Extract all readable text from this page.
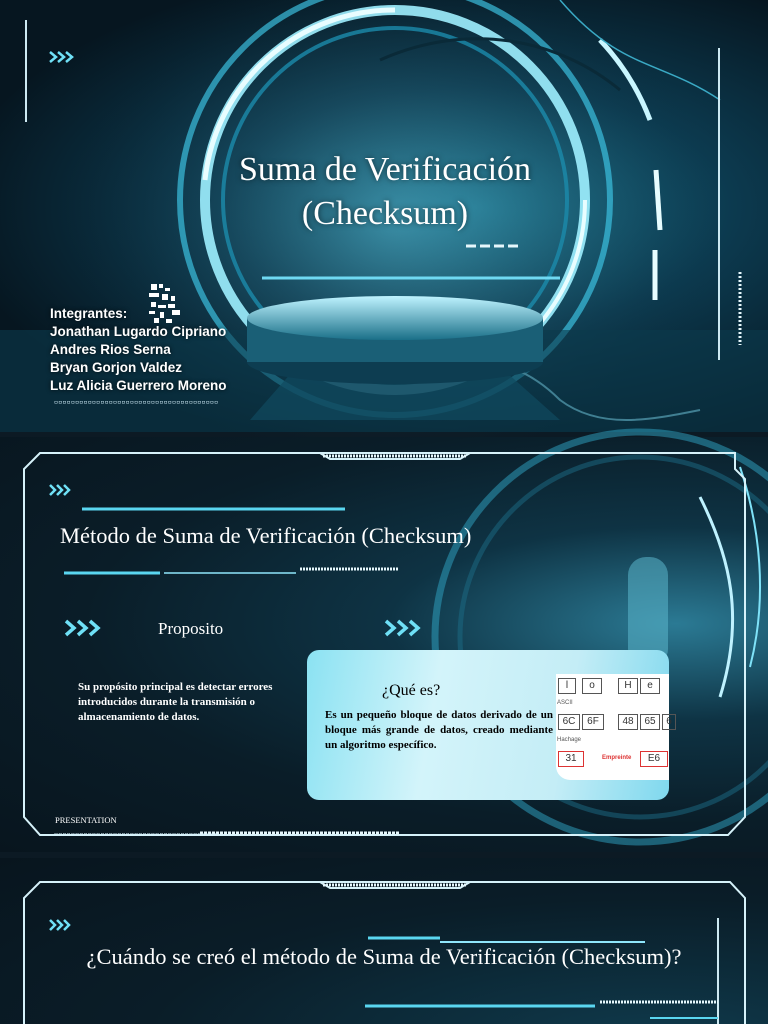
Suma de Verificación
(Checksum)
Integrantes:
Jonathan Lugardo Cipriano
Andres Rios Serna
Bryan Gorjon Valdez
Luz Alicia Guerrero Moreno
▫▫▫▫▫▫▫▫▫▫▫▫▫▫▫▫▫▫▫▫▫▫▫▫▫▫▫▫▫▫▫▫▫▫▫▫▫▫▫
▫▫▫▫▫▫▫▫▫▫▫▫▫▫▫▫▫▫▫▫▫▫▫▫▫▫▫▫▫▫▫▫▫▫▫▫▫▫▫
Método de Suma de Verificación (Checksum)
Proposito
Su propósito principal es detectar errores introducidos durante la transmisión o almacenamiento de datos.
¿Qué es?
Es un pequeño bloque de datos derivado de un bloque más grande de datos, creado mediante un algoritmo específico.
l	o	H	e
ASCII
6C	6F	48	65	6
Hachage
31	Empreinte	E6
PRESENTATION
¿Cuándo se creó el método de Suma de Verificación (Checksum)?
